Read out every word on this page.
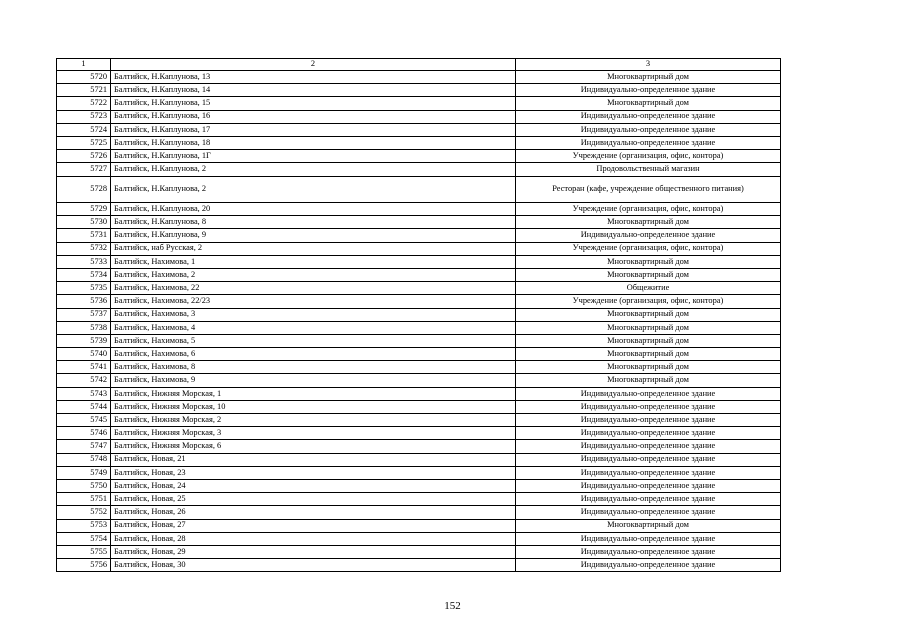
1	2	3
5720	Балтийск, Н.Каплунова, 13	Многоквартирный дом
5721	Балтийск, Н.Каплунова, 14	Индивидуально-определенное здание
5722	Балтийск, Н.Каплунова, 15	Многоквартирный дом
5723	Балтийск, Н.Каплунова, 16	Индивидуально-определенное здание
5724	Балтийск, Н.Каплунова, 17	Индивидуально-определенное здание
5725	Балтийск, Н.Каплунова, 18	Индивидуально-определенное здание
5726	Балтийск, Н.Каплунова, 1Г	Учреждение (организация, офис, контора)
5727	Балтийск, Н.Каплунова, 2	Продовольственный магазин
5728	Балтийск, Н.Каплунова, 2	Ресторан (кафе, учреждение общественного питания)
5729	Балтийск, Н.Каплунова, 20	Учреждение (организация, офис, контора)
5730	Балтийск, Н.Каплунова, 8	Многоквартирный дом
5731	Балтийск, Н.Каплунова, 9	Индивидуально-определенное здание
5732	Балтийск, наб Русская, 2	Учреждение (организация, офис, контора)
5733	Балтийск, Нахимова, 1	Многоквартирный дом
5734	Балтийск, Нахимова, 2	Многоквартирный дом
5735	Балтийск, Нахимова, 22	Общежитие
5736	Балтийск, Нахимова, 22/23	Учреждение (организация, офис, контора)
5737	Балтийск, Нахимова, 3	Многоквартирный дом
5738	Балтийск, Нахимова, 4	Многоквартирный дом
5739	Балтийск, Нахимова, 5	Многоквартирный дом
5740	Балтийск, Нахимова, 6	Многоквартирный дом
5741	Балтийск, Нахимова, 8	Многоквартирный дом
5742	Балтийск, Нахимова, 9	Многоквартирный дом
5743	Балтийск, Нижняя Морская, 1	Индивидуально-определенное здание
5744	Балтийск, Нижняя Морская, 10	Индивидуально-определенное здание
5745	Балтийск, Нижняя Морская, 2	Индивидуально-определенное здание
5746	Балтийск, Нижняя Морская, 3	Индивидуально-определенное здание
5747	Балтийск, Нижняя Морская, 6	Индивидуально-определенное здание
5748	Балтийск, Новая, 21	Индивидуально-определенное здание
5749	Балтийск, Новая, 23	Индивидуально-определенное здание
5750	Балтийск, Новая, 24	Индивидуально-определенное здание
5751	Балтийск, Новая, 25	Индивидуально-определенное здание
5752	Балтийск, Новая, 26	Индивидуально-определенное здание
5753	Балтийск, Новая, 27	Многоквартирный дом
5754	Балтийск, Новая, 28	Индивидуально-определенное здание
5755	Балтийск, Новая, 29	Индивидуально-определенное здание
5756	Балтийск, Новая, 30	Индивидуально-определенное здание
152
